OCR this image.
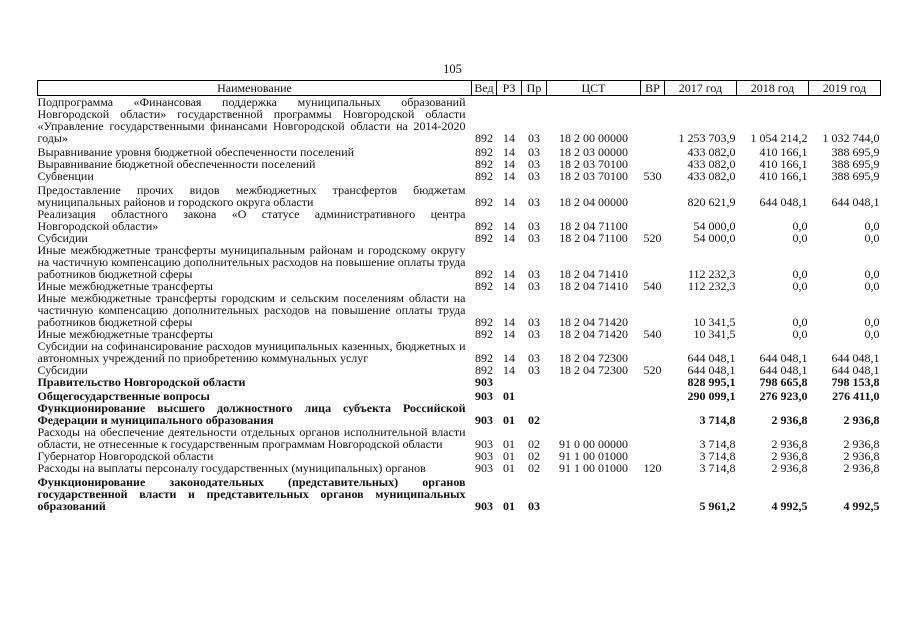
105
Наименование	Вед	РЗ	Пр	ЦСТ	ВР	2017 год	2018 год	2019 год
Подпрограмма «Финансовая поддержка муниципальных образований Новгородской области» государственной программы Новгородской области «Управление государственными финансами Новгородской области на 2014-2020 годы»	892	14	03	18 2 00 00000		1 253 703,9	1 054 214,2	1 032 744,0
Выравнивание уровня бюджетной обеспеченности поселений	892	14	03	18 2 03 00000		433 082,0	410 166,1	388 695,9
Выравнивание бюджетной обеспеченности поселений	892	14	03	18 2 03 70100		433 082,0	410 166,1	388 695,9
Субвенции	892	14	03	18 2 03 70100	530	433 082,0	410 166,1	388 695,9
Предоставление прочих видов межбюджетных трансфертов бюджетам муниципальных районов и городского округа области	892	14	03	18 2 04 00000		820 621,9	644 048,1	644 048,1
Реализация областного закона «О статусе административного центра Новгородской области»	892	14	03	18 2 04 71100		54 000,0	0,0	0,0
Субсидии	892	14	03	18 2 04 71100	520	54 000,0	0,0	0,0
Иные межбюджетные трансферты муниципальным районам и городскому округу на частичную компенсацию дополнительных расходов на повышение оплаты труда работников бюджетной сферы	892	14	03	18 2 04 71410		112 232,3	0,0	0,0
Иные межбюджетные трансферты	892	14	03	18 2 04 71410	540	112 232,3	0,0	0,0
Иные межбюджетные трансферты городским и сельским поселениям области на частичную компенсацию дополнительных расходов на повышение оплаты труда работников бюджетной сферы	892	14	03	18 2 04 71420		10 341,5	0,0	0,0
Иные межбюджетные трансферты	892	14	03	18 2 04 71420	540	10 341,5	0,0	0,0
Субсидии на софинансирование расходов муниципальных казенных, бюджетных и автономных учреждений по приобретению коммунальных услуг	892	14	03	18 2 04 72300		644 048,1	644 048,1	644 048,1
Субсидии	892	14	03	18 2 04 72300	520	644 048,1	644 048,1	644 048,1
Правительство Новгородской области	903					828 995,1	798 665,8	798 153,8
Общегосударственные вопросы	903	01				290 099,1	276 923,0	276 411,0
Функционирование высшего должностного лица субъекта Российской Федерации и муниципального образования	903	01	02			3 714,8	2 936,8	2 936,8
Расходы на обеспечение деятельности отдельных органов исполнительной власти области, не отнесенные к государственным программам Новгородской области	903	01	02	91 0 00 00000		3 714,8	2 936,8	2 936,8
Губернатор Новгородской области	903	01	02	91 1 00 01000		3 714,8	2 936,8	2 936,8
Расходы на выплаты персоналу государственных (муниципальных) органов	903	01	02	91 1 00 01000	120	3 714,8	2 936,8	2 936,8
Функционирование законодательных (представительных) органов государственной власти и представительных органов муниципальных образований	903	01	03			5 961,2	4 992,5	4 992,5
